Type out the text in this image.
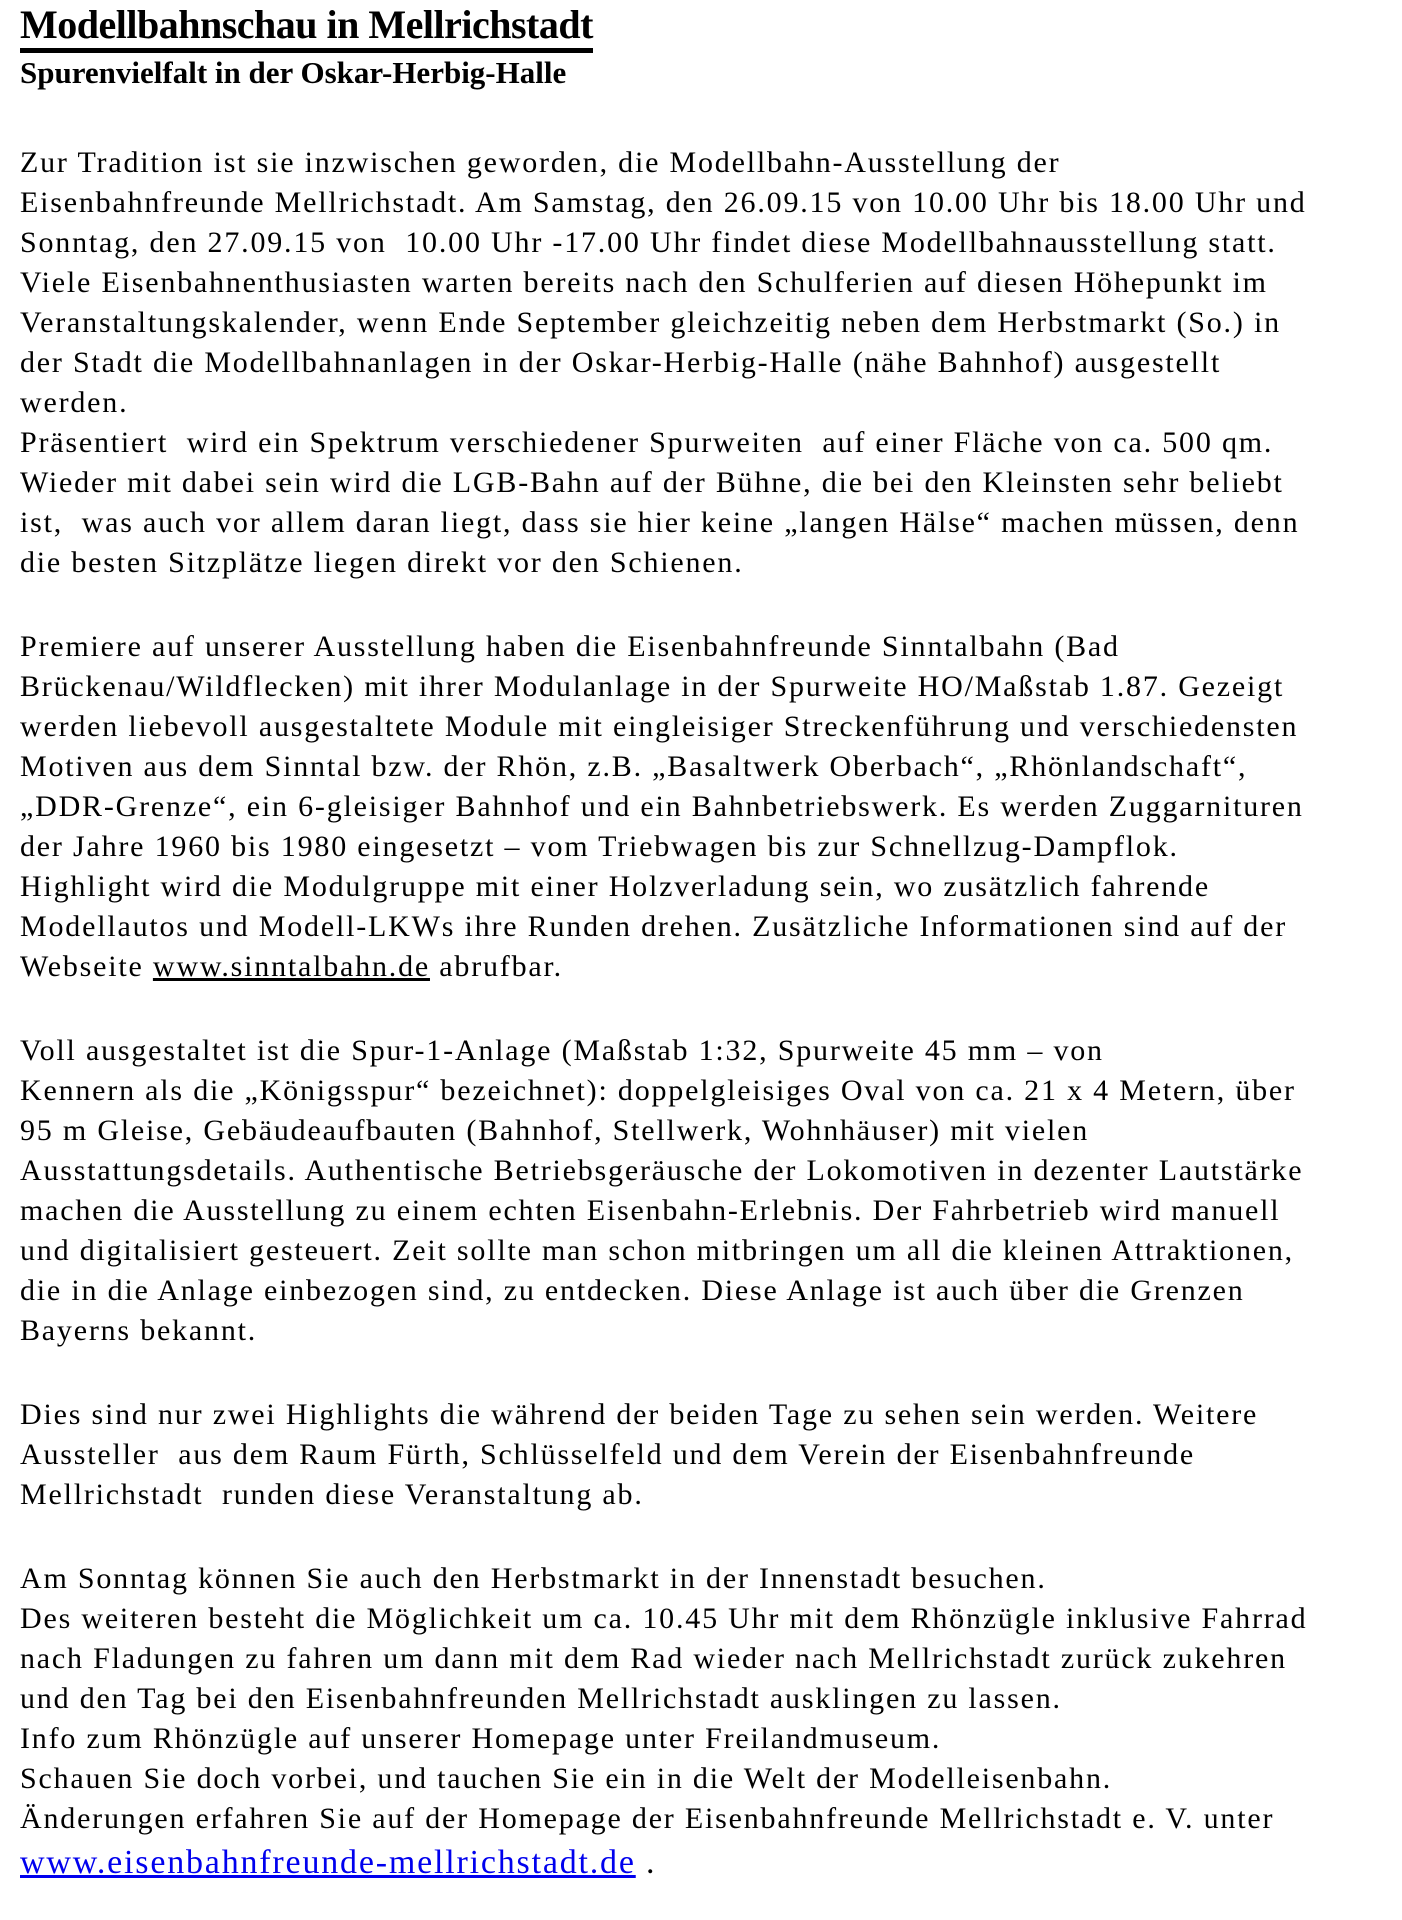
Modellbahnschau in Mellrichstadt
Spurenvielfalt in der Oskar-Herbig-Halle
Zur Tradition ist sie inzwischen geworden, die Modellbahn-Ausstellung der
Eisenbahnfreunde Mellrichstadt. Am Samstag, den 26.09.15 von 10.00 Uhr bis 18.00 Uhr und
Sonntag, den 27.09.15 von  10.00 Uhr -17.00 Uhr findet diese Modellbahnausstellung statt.
Viele Eisenbahnenthusiasten warten bereits nach den Schulferien auf diesen Höhepunkt im
Veranstaltungskalender, wenn Ende September gleichzeitig neben dem Herbstmarkt (So.) in
der Stadt die Modellbahnanlagen in der Oskar-Herbig-Halle (nähe Bahnhof) ausgestellt
werden.
Präsentiert  wird ein Spektrum verschiedener Spurweiten  auf einer Fläche von ca. 500 qm.
Wieder mit dabei sein wird die LGB-Bahn auf der Bühne, die bei den Kleinsten sehr beliebt
ist,  was auch vor allem daran liegt, dass sie hier keine „langen Hälse“ machen müssen, denn
die besten Sitzplätze liegen direkt vor den Schienen.
Premiere auf unserer Ausstellung haben die Eisenbahnfreunde Sinntalbahn (Bad
Brückenau/Wildflecken) mit ihrer Modulanlage in der Spurweite HO/Maßstab 1.87. Gezeigt
werden liebevoll ausgestaltete Module mit eingleisiger Streckenführung und verschiedensten
Motiven aus dem Sinntal bzw. der Rhön, z.B. „Basaltwerk Oberbach“, „Rhönlandschaft“,
„DDR-Grenze“, ein 6-gleisiger Bahnhof und ein Bahnbetriebswerk. Es werden Zuggarnituren
der Jahre 1960 bis 1980 eingesetzt – vom Triebwagen bis zur Schnellzug-Dampflok.
Highlight wird die Modulgruppe mit einer Holzverladung sein, wo zusätzlich fahrende
Modellautos und Modell-LKWs ihre Runden drehen. Zusätzliche Informationen sind auf der
Webseite www.sinntalbahn.de abrufbar.
Voll ausgestaltet ist die Spur-1-Anlage (Maßstab 1:32, Spurweite 45 mm – von
Kennern als die „Königsspur“ bezeichnet): doppelgleisiges Oval von ca. 21 x 4 Metern, über
95 m Gleise, Gebäudeaufbauten (Bahnhof, Stellwerk, Wohnhäuser) mit vielen
Ausstattungsdetails. Authentische Betriebsgeräusche der Lokomotiven in dezenter Lautstärke
machen die Ausstellung zu einem echten Eisenbahn-Erlebnis. Der Fahrbetrieb wird manuell
und digitalisiert gesteuert. Zeit sollte man schon mitbringen um all die kleinen Attraktionen,
die in die Anlage einbezogen sind, zu entdecken. Diese Anlage ist auch über die Grenzen
Bayerns bekannt.
Dies sind nur zwei Highlights die während der beiden Tage zu sehen sein werden. Weitere
Aussteller  aus dem Raum Fürth, Schlüsselfeld und dem Verein der Eisenbahnfreunde
Mellrichstadt  runden diese Veranstaltung ab.
Am Sonntag können Sie auch den Herbstmarkt in der Innenstadt besuchen.
Des weiteren besteht die Möglichkeit um ca. 10.45 Uhr mit dem Rhönzügle inklusive Fahrrad
nach Fladungen zu fahren um dann mit dem Rad wieder nach Mellrichstadt zurück zukehren
und den Tag bei den Eisenbahnfreunden Mellrichstadt ausklingen zu lassen.
Info zum Rhönzügle auf unserer Homepage unter Freilandmuseum.
Schauen Sie doch vorbei, und tauchen Sie ein in die Welt der Modelleisenbahn.
Änderungen erfahren Sie auf der Homepage der Eisenbahnfreunde Mellrichstadt e. V. unter
www.eisenbahnfreunde-mellrichstadt.de .
